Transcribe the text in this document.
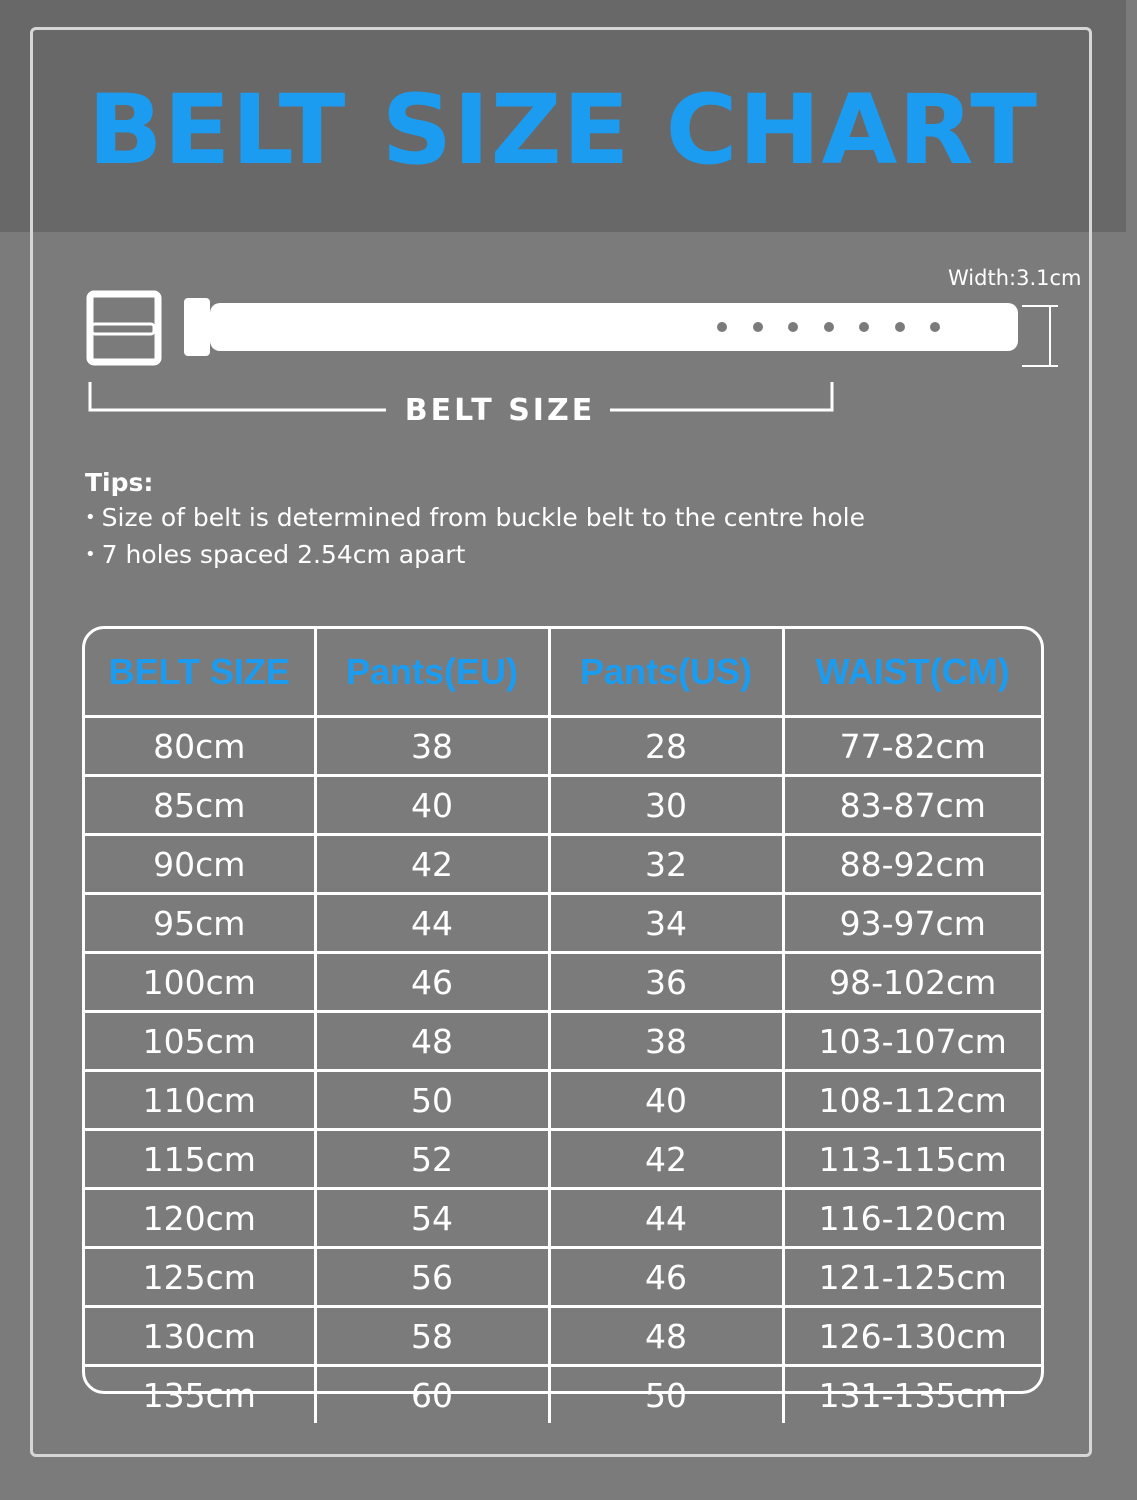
BELT SIZE CHART
Width:3.1cm
BELT SIZE
Tips:
• Size of belt is determined from buckle belt to the centre hole
• 7 holes spaced 2.54cm apart
BELT SIZE	Pants(EU)	Pants(US)	WAIST(CM)
80cm	38	28	77-82cm
85cm	40	30	83-87cm
90cm	42	32	88-92cm
95cm	44	34	93-97cm
100cm	46	36	98-102cm
105cm	48	38	103-107cm
110cm	50	40	108-112cm
115cm	52	42	113-115cm
120cm	54	44	116-120cm
125cm	56	46	121-125cm
130cm	58	48	126-130cm
135cm	60	50	131-135cm
